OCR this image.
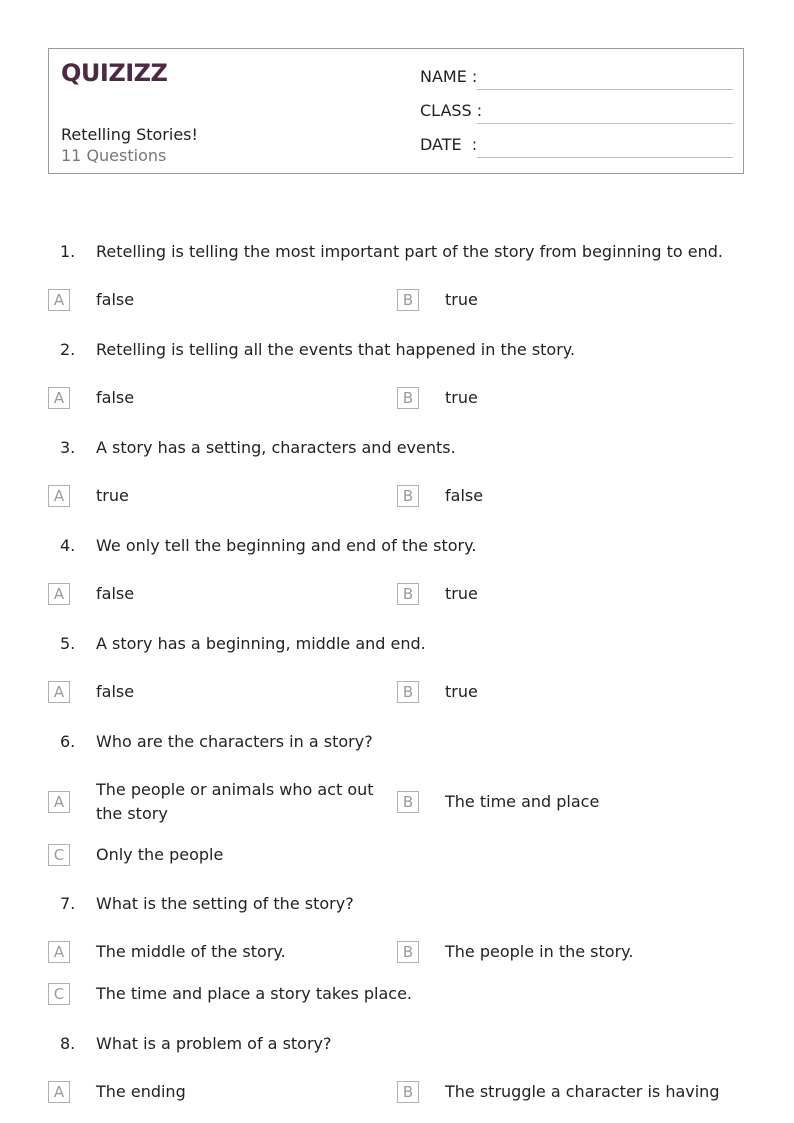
QUIZIZZ
Retelling Stories!
11 Questions
NAME :
CLASS :
DATE  :
1. Retelling is telling the most important part of the story from beginning to end.
A	false	B	true
2. Retelling is telling all the events that happened in the story.
A	false	B	true
3. A story has a setting, characters and events.
A	true	B	false
4. We only tell the beginning and end of the story.
A	false	B	true
5. A story has a beginning, middle and end.
A	false	B	true
6. Who are the characters in a story?
A
The people or animals who act out the story
B	The time and place
C	Only the people
7. What is the setting of the story?
A	The middle of the story.	B	The people in the story.
C	The time and place a story takes place.
8. What is a problem of a story?
A	The ending	B	The struggle a character is having
